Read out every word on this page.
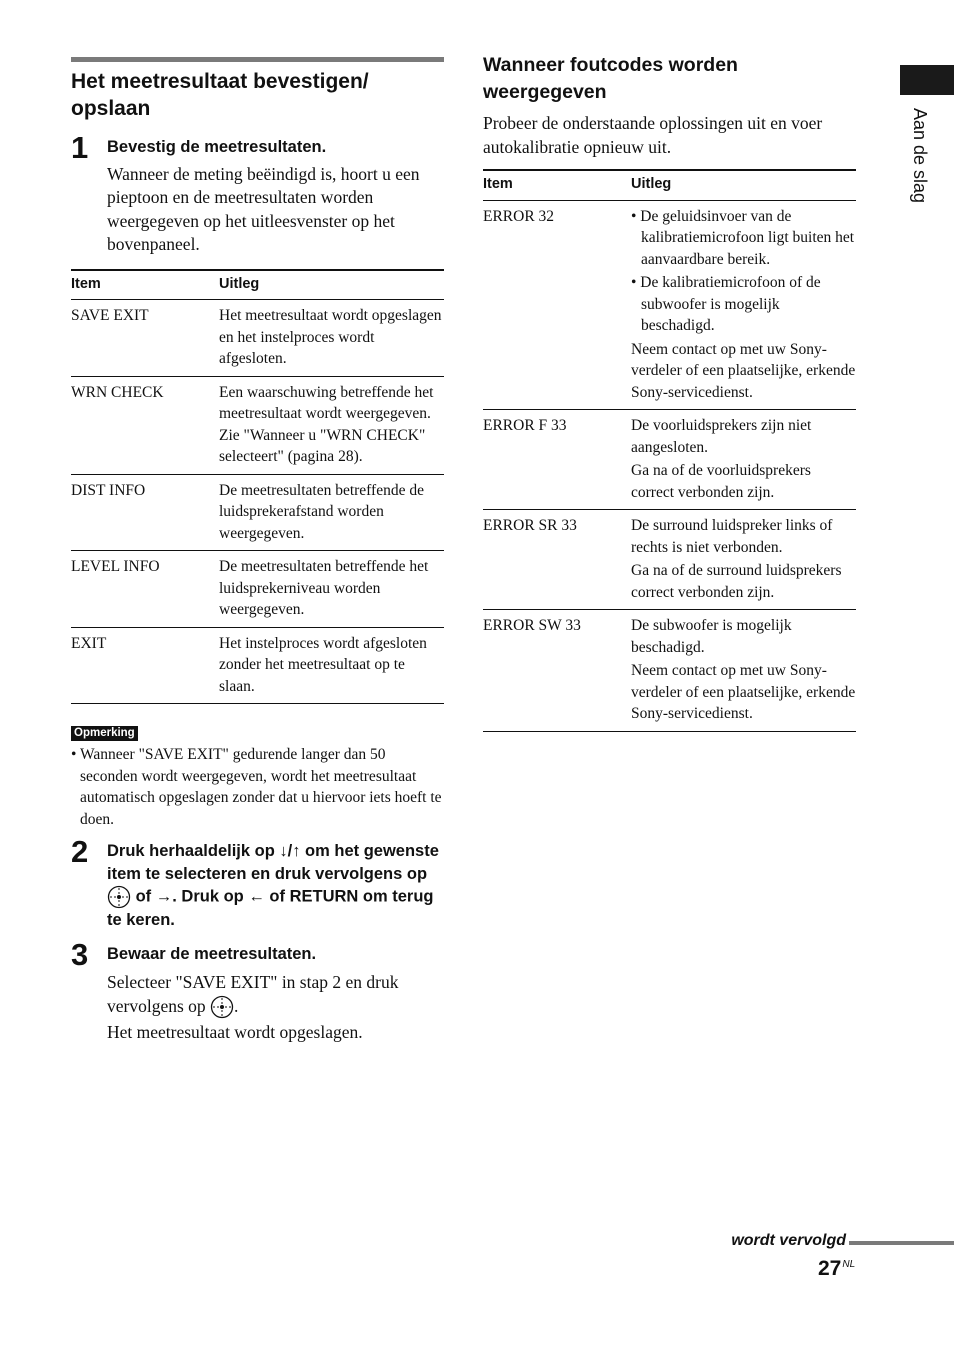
Het meetresultaat bevestigen/ opslaan
1 Bevestig de meetresultaten.
Wanneer de meting beëindigd is, hoort u een pieptoon en de meetresultaten worden weergegeven op het uitleesvenster op het bovenpaneel.
Item	Uitleg
SAVE EXIT	Het meetresultaat wordt opgeslagen en het instelproces wordt afgesloten.
WRN CHECK	Een waarschuwing betreffende het meetresultaat wordt weergegeven. Zie "Wanneer u "WRN CHECK" selecteert" (pagina 28).
DIST INFO	De meetresultaten betreffende de luidsprekerafstand worden weergegeven.
LEVEL INFO	De meetresultaten betreffende het luidsprekerniveau worden weergegeven.
EXIT	Het instelproces wordt afgesloten zonder het meetresultaat op te slaan.
Opmerking
• Wanneer "SAVE EXIT" gedurende langer dan 50 seconden wordt weergegeven, wordt het meetresultaat automatisch opgeslagen zonder dat u hiervoor iets hoeft te doen.
2 Druk herhaaldelijk op ↓/↑ om het gewenste item te selecteren en druk vervolgens op  of →. Druk op ← of RETURN om terug te keren.
3 Bewaar de meetresultaten.
Selecteer "SAVE EXIT" in stap 2 en druk vervolgens op .
Het meetresultaat wordt opgeslagen.
Wanneer foutcodes worden weergegeven
Probeer de onderstaande oplossingen uit en voer autokalibratie opnieuw uit.
Item	Uitleg
ERROR 32	• De geluidsinvoer van de kalibratiemicrofoon ligt buiten het aanvaardbare bereik.

• De kalibratiemicrofoon of de subwoofer is mogelijk beschadigd.

Neem contact op met uw Sony-verdeler of een plaatselijke, erkende Sony-servicedienst.

ERROR F 33	De voorluidsprekers zijn niet aangesloten.

Ga na of de voorluidsprekers correct verbonden zijn.

ERROR SR 33	De surround luidspreker links of rechts is niet verbonden.

Ga na of de surround luidsprekers correct verbonden zijn.

ERROR SW 33	De subwoofer is mogelijk beschadigd.

Neem contact op met uw Sony-verdeler of een plaatselijke, erkende Sony-servicedienst.

Aan de slag
wordt vervolgd
$27^{NL}$
